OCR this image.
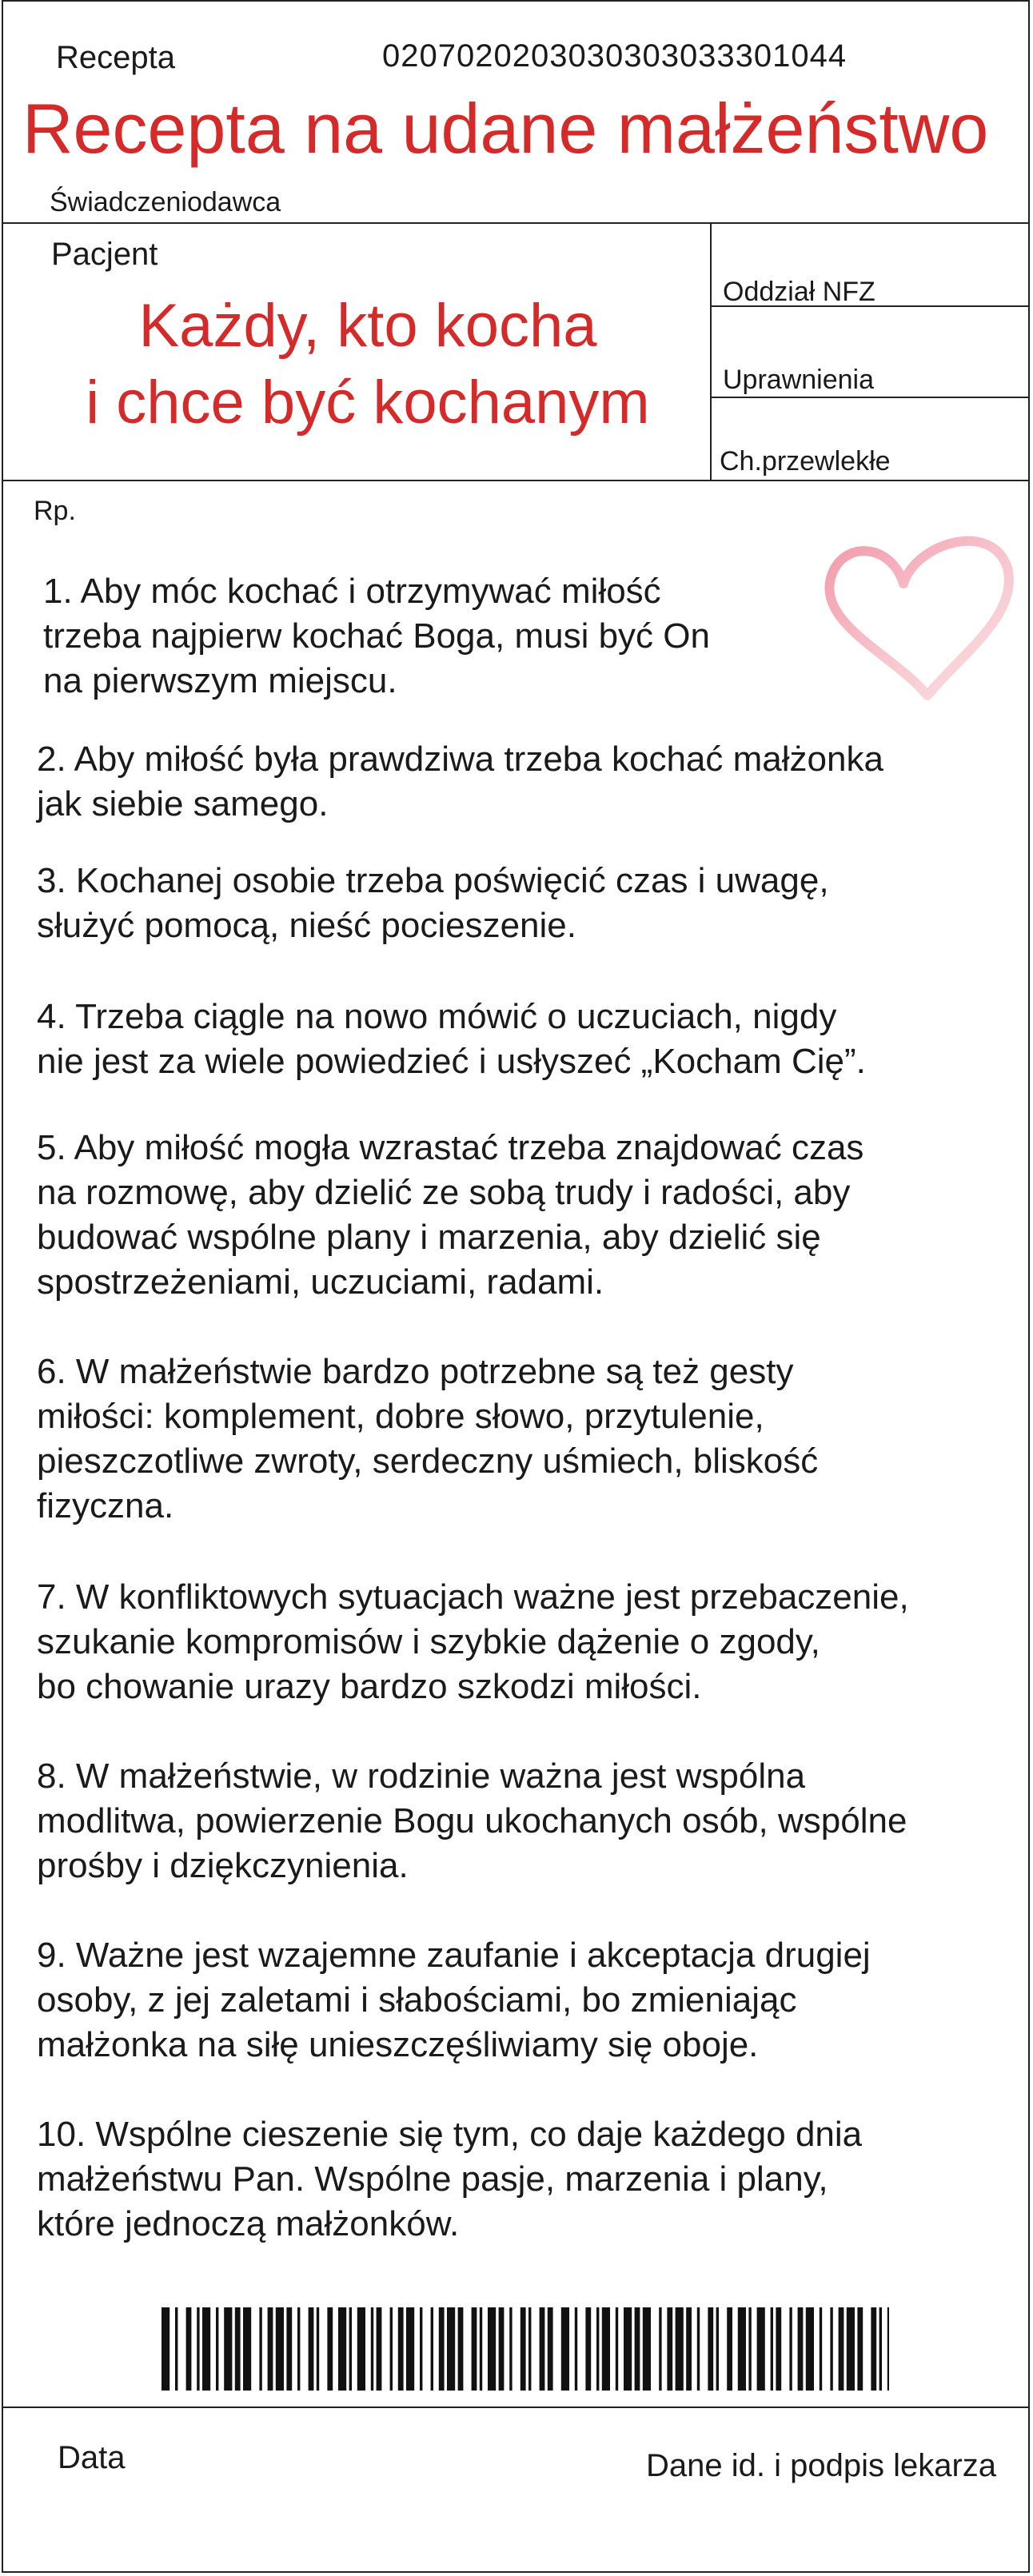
Recepta	0207020203030303033301044
Recepta na udane małżeństwo
Świadczeniodawca
Pacjent
Każdy, kto kocha
i chce być kochanym
Oddział NFZ
Uprawnienia
Ch.przewlekłe
Rp.
1. Aby móc kochać i otrzymywać miłość
trzeba najpierw kochać Boga, musi być On
na pierwszym miejscu.
2. Aby miłość była prawdziwa trzeba kochać małżonka
jak siebie samego.
3. Kochanej osobie trzeba poświęcić czas i uwagę,
służyć pomocą, nieść pocieszenie.
4. Trzeba ciągle na nowo mówić o uczuciach, nigdy
nie jest za wiele powiedzieć i usłyszeć „Kocham Cię”.
5. Aby miłość mogła wzrastać trzeba znajdować czas
na rozmowę, aby dzielić ze sobą trudy i radości, aby
budować wspólne plany i marzenia, aby dzielić się
spostrzeżeniami, uczuciami, radami.
6. W małżeństwie bardzo potrzebne są też gesty
miłości: komplement, dobre słowo, przytulenie,
pieszczotliwe zwroty, serdeczny uśmiech, bliskość
fizyczna.
7. W konfliktowych sytuacjach ważne jest przebaczenie,
szukanie kompromisów i szybkie dążenie o zgody,
bo chowanie urazy bardzo szkodzi miłości.
8. W małżeństwie, w rodzinie ważna jest wspólna
modlitwa, powierzenie Bogu ukochanych osób, wspólne
prośby i dziękczynienia.
9. Ważne jest wzajemne zaufanie i akceptacja drugiej
osoby, z jej zaletami i słabościami, bo zmieniając
małżonka na siłę unieszczęśliwiamy się oboje.
10. Wspólne cieszenie się tym, co daje każdego dnia
małżeństwu Pan. Wspólne pasje, marzenia i plany,
które jednoczą małżonków.
Data	Dane id. i podpis lekarza
